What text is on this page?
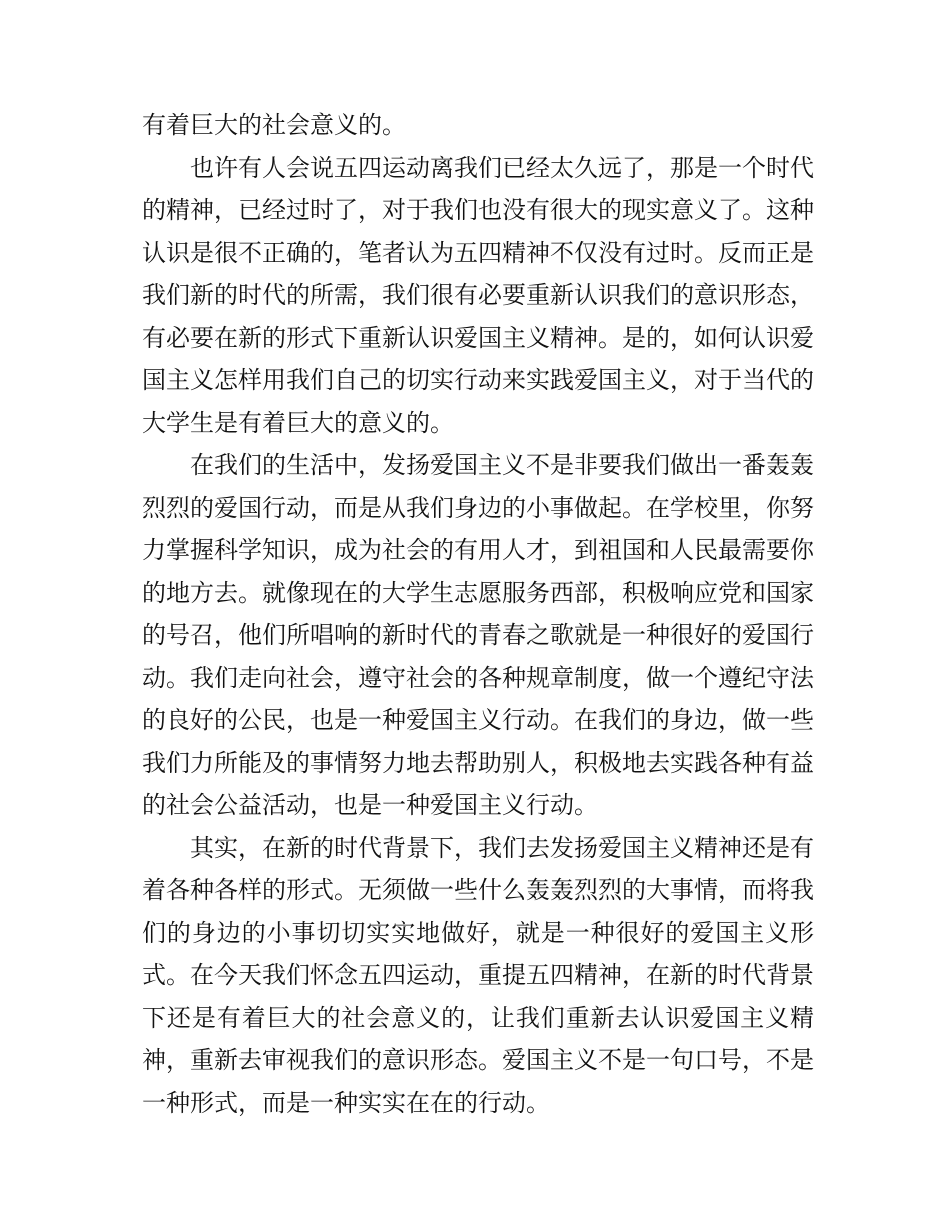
有着巨大的社会意义的。

也许有人会说五四运动离我们已经太久远了，那是一个时代的精神，已经过时了，对于我们也没有很大的现实意义了。这种认识是很不正确的，笔者认为五四精神不仅没有过时。反而正是我们新的时代的所需，我们很有必要重新认识我们的意识形态，有必要在新的形式下重新认识爱国主义精神。是的，如何认识爱国主义怎样用我们自己的切实行动来实践爱国主义，对于当代的大学生是有着巨大的意义的。

在我们的生活中，发扬爱国主义不是非要我们做出一番轰轰烈烈的爱国行动，而是从我们身边的小事做起。在学校里，你努力掌握科学知识，成为社会的有用人才，到祖国和人民最需要你的地方去。就像现在的大学生志愿服务西部，积极响应党和国家的号召，他们所唱响的新时代的青春之歌就是一种很好的爱国行动。我们走向社会，遵守社会的各种规章制度，做一个遵纪守法的良好的公民，也是一种爱国主义行动。在我们的身边，做一些我们力所能及的事情努力地去帮助别人，积极地去实践各种有益的社会公益活动，也是一种爱国主义行动。

其实，在新的时代背景下，我们去发扬爱国主义精神还是有着各种各样的形式。无须做一些什么轰轰烈烈的大事情，而将我们的身边的小事切切实实地做好，就是一种很好的爱国主义形式。在今天我们怀念五四运动，重提五四精神，在新的时代背景下还是有着巨大的社会意义的，让我们重新去认识爱国主义精神，重新去审视我们的意识形态。爱国主义不是一句口号，不是一种形式，而是一种实实在在的行动。
